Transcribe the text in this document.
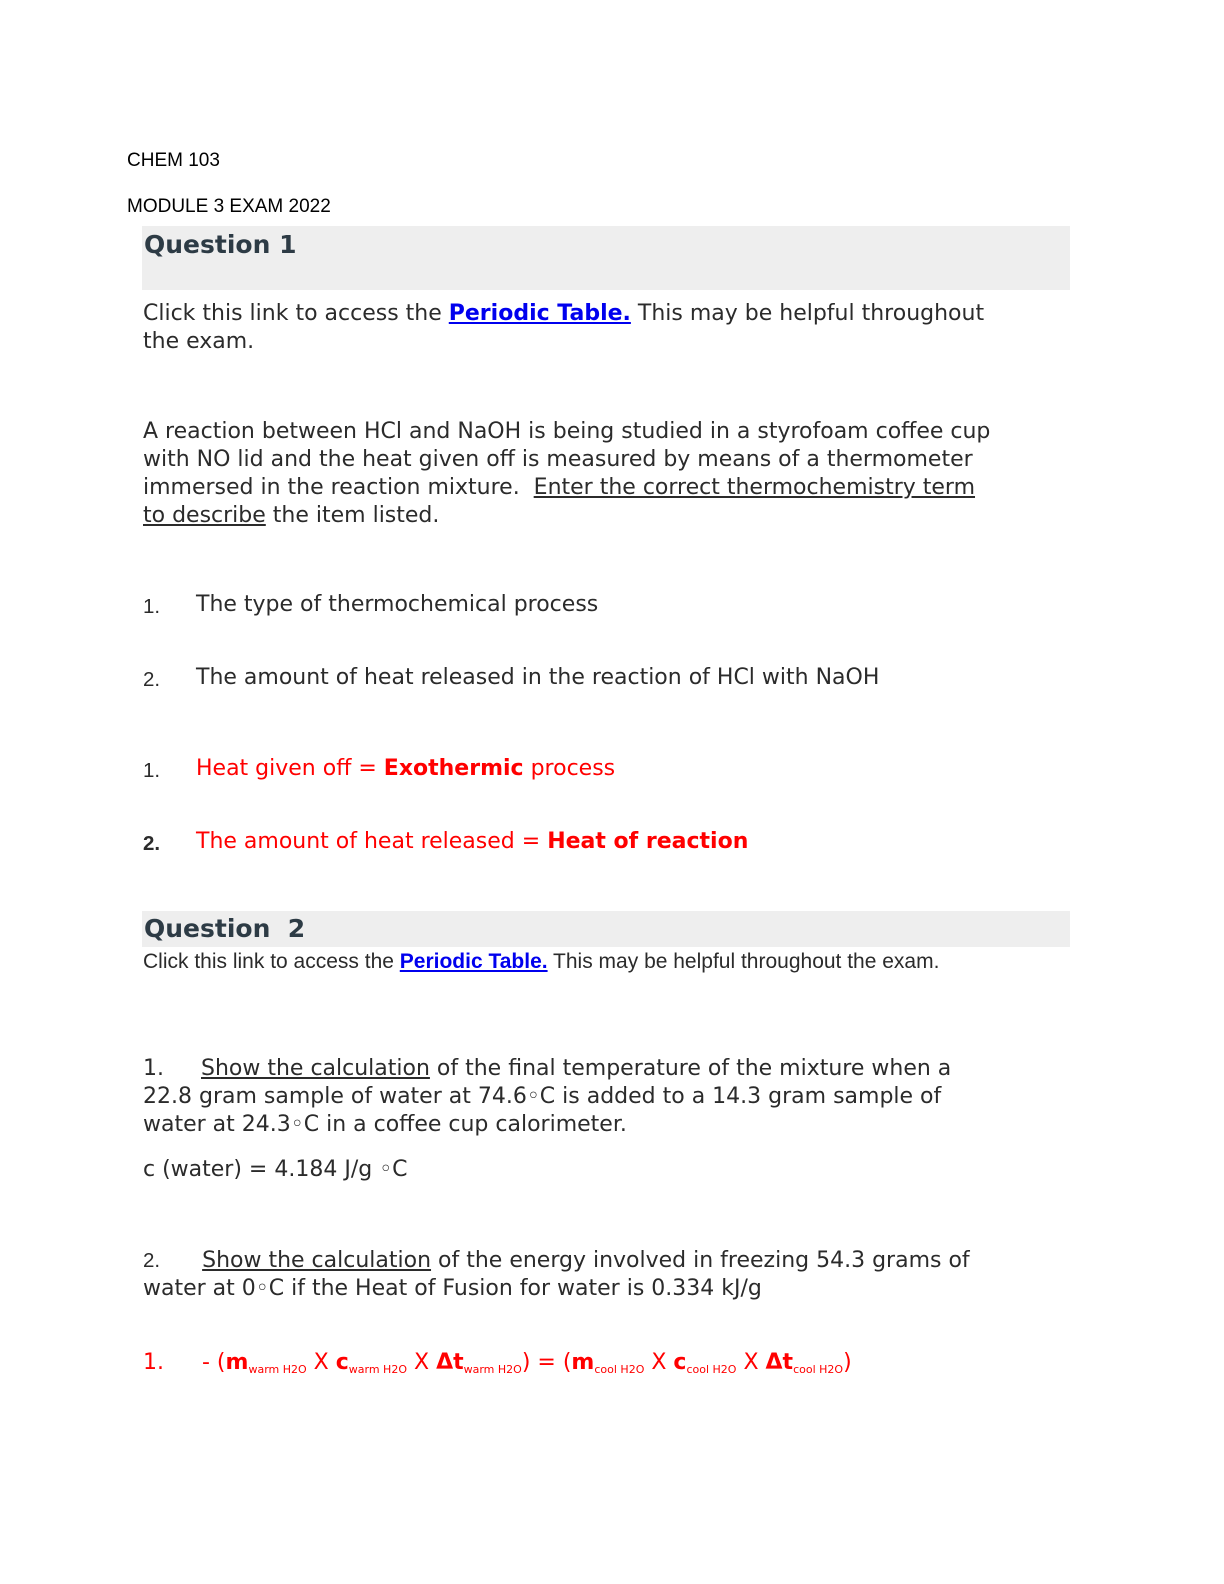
CHEM 103
MODULE 3 EXAM 2022
Question 1
Click this link to access the Periodic Table. This may be helpful throughout
the exam.
A reaction between HCl and NaOH is being studied in a styrofoam coffee cup
with NO lid and the heat given off is measured by means of a thermometer
immersed in the reaction mixture.  Enter the correct thermochemistry term
to describe the item listed.
1. The type of thermochemical process
2. The amount of heat released in the reaction of HCl with NaOH
1. Heat given off = Exothermic process
2. The amount of heat released = Heat of reaction
Question  2
Click this link to access the Periodic Table. This may be helpful throughout the exam.
1. Show the calculation of the final temperature of the mixture when a
22.8 gram sample of water at 74.6◦C is added to a 14.3 gram sample of
water at 24.3◦C in a coffee cup calorimeter.
c (water) = 4.184 J/g ◦C
2. Show the calculation of the energy involved in freezing 54.3 grams of
water at 0◦C if the Heat of Fusion for water is 0.334 kJ/g
1. - ($m_{warm H2O}$ X $c_{warm H2O}$ X $\Delta t_{warm H2O}) = (m_{cool H2O}$ X $c_{cool H2O}$ X $\Delta t_{cool H2O}$)
